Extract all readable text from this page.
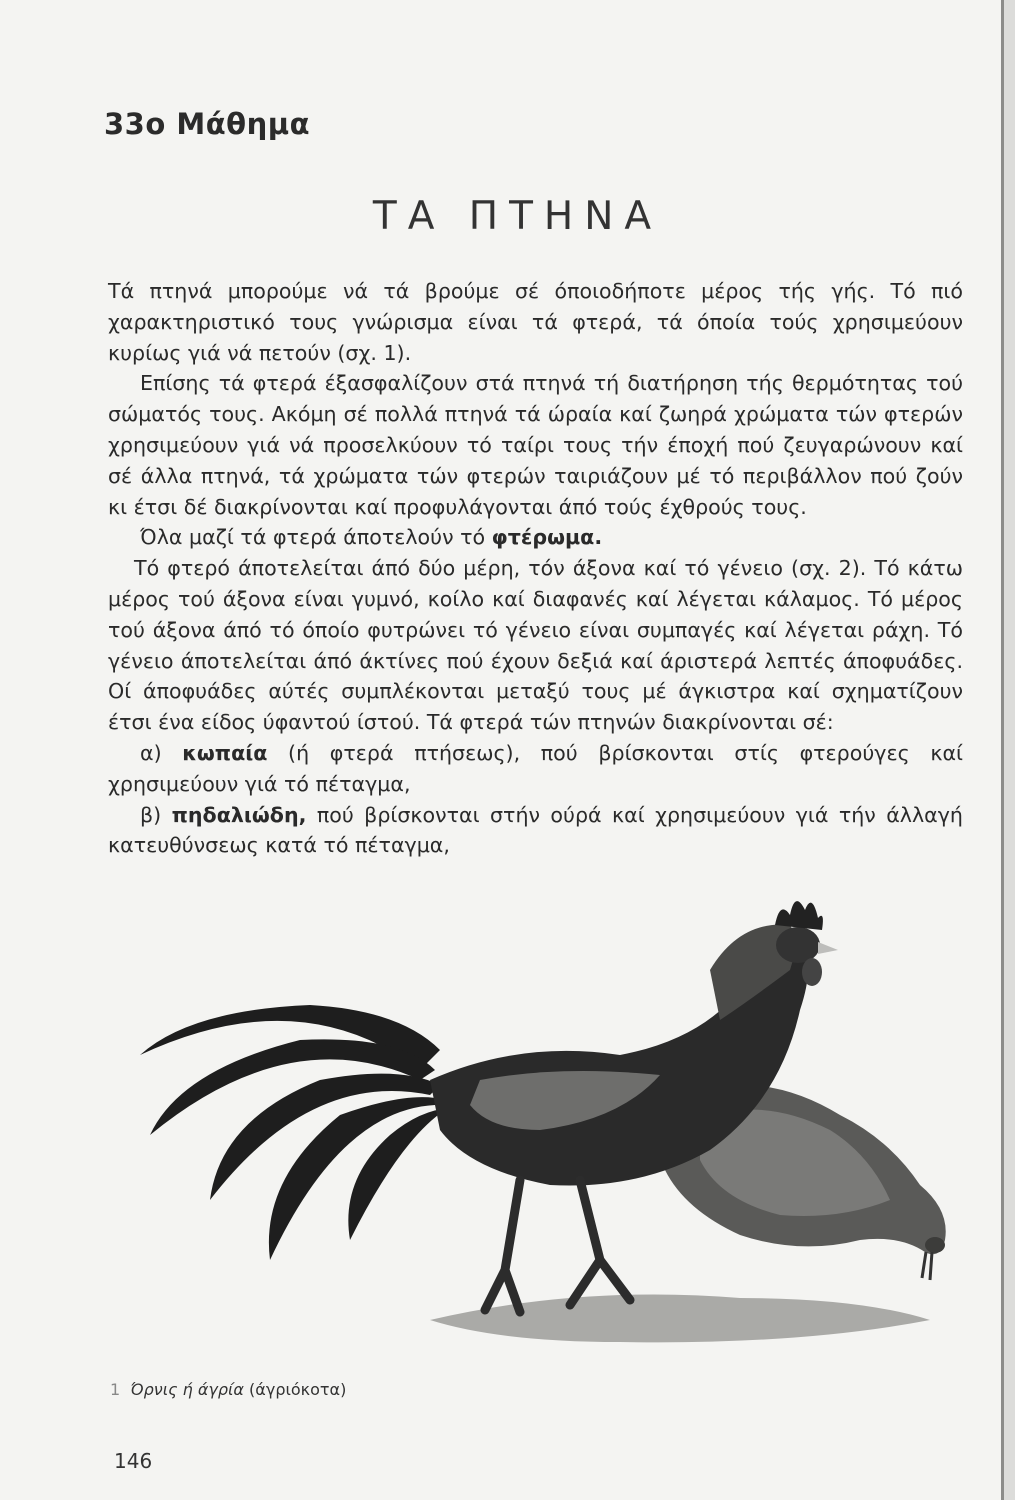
33ο Μάθημα
ΤΑ ΠΤΗΝΑ

Τά πτηνά μπορούμε νά τά βρούμε σέ όποιοδήποτε μέρος τής γής. Τό πιό χαρακτηριστικό τους γνώρισμα είναι τά φτερά, τά όποία τούς χρησιμεύουν κυρίως γιά νά πετούν (σχ. 1).

Επίσης τά φτερά έξασφαλίζουν στά πτηνά τή διατήρηση τής θερμότητας τού σώματός τους. Ακόμη σέ πολλά πτηνά τά ώραία καί ζωηρά χρώματα τών φτερών χρησιμεύουν γιά νά προσελκύουν τό ταίρι τους τήν έποχή πού ζευγαρώνουν καί σέ άλλα πτηνά, τά χρώματα τών φτερών ταιριάζουν μέ τό περιβάλλον πού ζούν κι έτσι δέ διακρίνονται καί προφυλάγονται άπό τούς έχθρούς τους.

Όλα μαζί τά φτερά άποτελούν τό φτέρωμα.

Τό φτερό άποτελείται άπό δύο μέρη, τόν άξονα καί τό γένειο (σχ. 2). Τό κάτω μέρος τού άξονα είναι γυμνό, κοίλο καί διαφανές καί λέγεται κάλαμος. Τό μέρος τού άξονα άπό τό όποίο φυτρώνει τό γένειο είναι συμπαγές καί λέγεται ράχη. Τό γένειο άποτελείται άπό άκτίνες πού έχουν δεξιά καί άριστερά λεπτές άποφυάδες. Οί άποφυάδες αύτές συμπλέκονται μεταξύ τους μέ άγκιστρα καί σχηματίζουν έτσι ένα είδος ύφαντού ίστού. Τά φτερά τών πτηνών διακρίνονται σέ:

α) κωπαία (ή φτερά πτήσεως), πού βρίσκονται στίς φτερούγες καί χρησιμεύουν γιά τό πέταγμα,

β) πηδαλιώδη, πού βρίσκονται στήν ούρά καί χρησιμεύουν γιά τήν άλλαγή κατευθύνσεως κατά τό πέταγμα,

1 Όρνις ή άγρία (άγριόκοτα)
146
